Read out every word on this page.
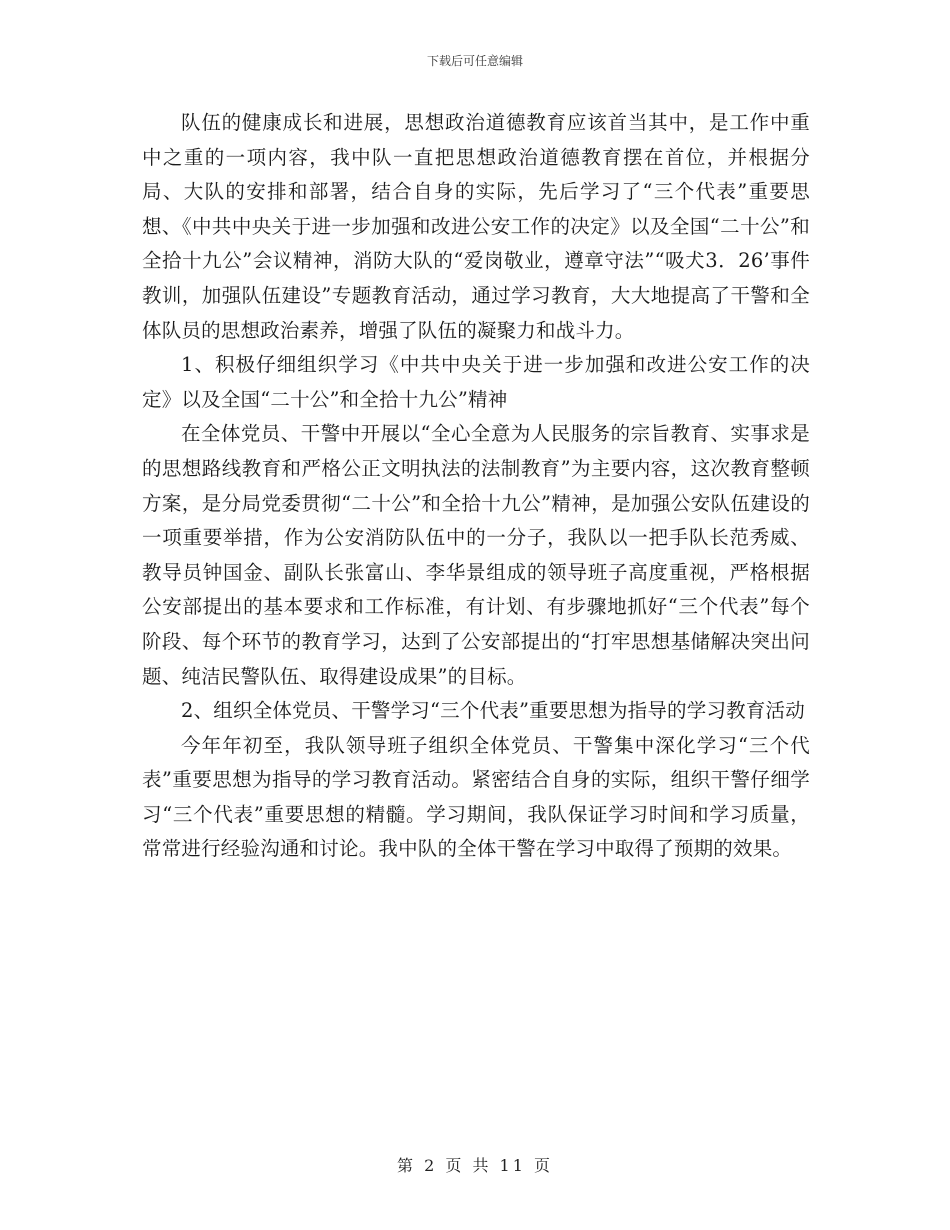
下载后可任意编辑

队伍的健康成长和进展，思想政治道德教育应该首当其中，是工作中重中之重的一项内容，我中队一直把思想政治道德教育摆在首位，并根据分局、大队的安排和部署，结合自身的实际，先后学习了“三个代表”重要思想、《中共中央关于进一步加强和改进公安工作的决定》以及全国“二十公”和全拾十九公”会议精神，消防大队的“爱岗敬业，遵章守法”“吸犬3．26’事件教训，加强队伍建设”专题教育活动，通过学习教育，大大地提高了干警和全体队员的思想政治素养，增强了队伍的凝聚力和战斗力。

1、积极仔细组织学习《中共中央关于进一步加强和改进公安工作的决定》以及全国“二十公”和全拾十九公”精神

在全体党员、干警中开展以“全心全意为人民服务的宗旨教育、实事求是的思想路线教育和严格公正文明执法的法制教育”为主要内容，这次教育整顿方案，是分局党委贯彻“二十公”和全拾十九公”精神，是加强公安队伍建设的一项重要举措，作为公安消防队伍中的一分子，我队以一把手队长范秀威、教导员钟国金、副队长张富山、李华景组成的领导班子高度重视，严格根据公安部提出的基本要求和工作标准，有计划、有步骤地抓好“三个代表”每个阶段、每个环节的教育学习，达到了公安部提出的“打牢思想基储解决突出问题、纯洁民警队伍、取得建设成果”的目标。

2、组织全体党员、干警学习“三个代表”重要思想为指导的学习教育活动

今年年初至，我队领导班子组织全体党员、干警集中深化学习“三个代表”重要思想为指导的学习教育活动。紧密结合自身的实际，组织干警仔细学习“三个代表”重要思想的精髓。学习期间，我队保证学习时间和学习质量，常常进行经验沟通和讨论。我中队的全体干警在学习中取得了预期的效果。

第 2 页 共 11 页
